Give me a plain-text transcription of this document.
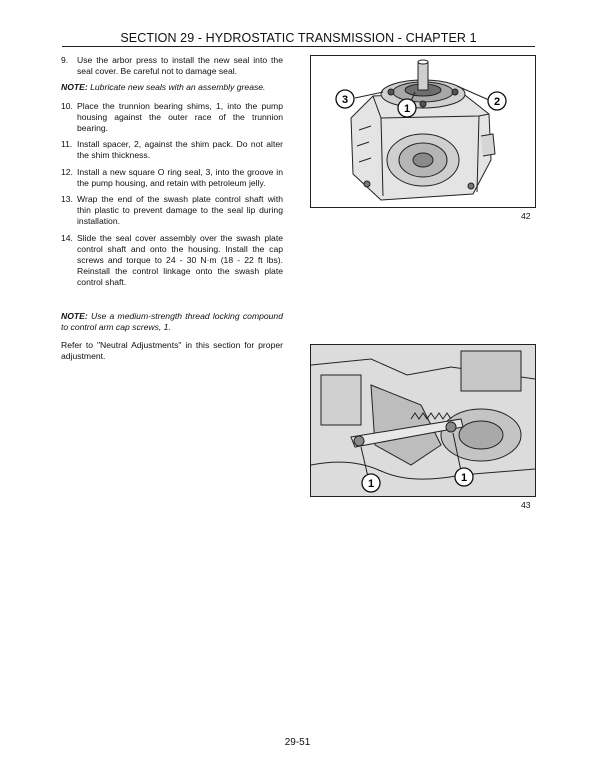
SECTION 29 - HYDROSTATIC TRANSMISSION - CHAPTER 1
9.	Use the arbor press to install the new seal into the seal cover. Be careful not to damage seal.
NOTE: Lubricate new seals with an assembly grease.
10. Place the trunnion bearing shims, 1, into the pump housing against the outer race of the trunnion bearing.
11. Install spacer, 2, against the shim pack. Do not alter the shim thickness.
12. Install a new square O ring seal, 3, into the groove in the pump housing, and retain with petroleum jelly.
13. Wrap the end of the swash plate control shaft with thin plastic to prevent damage to the seal lip during installation.
14. Slide the seal cover assembly over the swash plate control shaft and onto the housing. Install the cap screws and torque to 24 - 30 N·m (18 - 22 ft lbs). Reinstall the control linkage onto the swash plate control shaft.
NOTE: Use a medium-strength thread locking compound to control arm cap screws, 1.
Refer to "Neutral Adjustments" in this section for proper adjustment.
3
1
2
42
1	1
43
29-51
